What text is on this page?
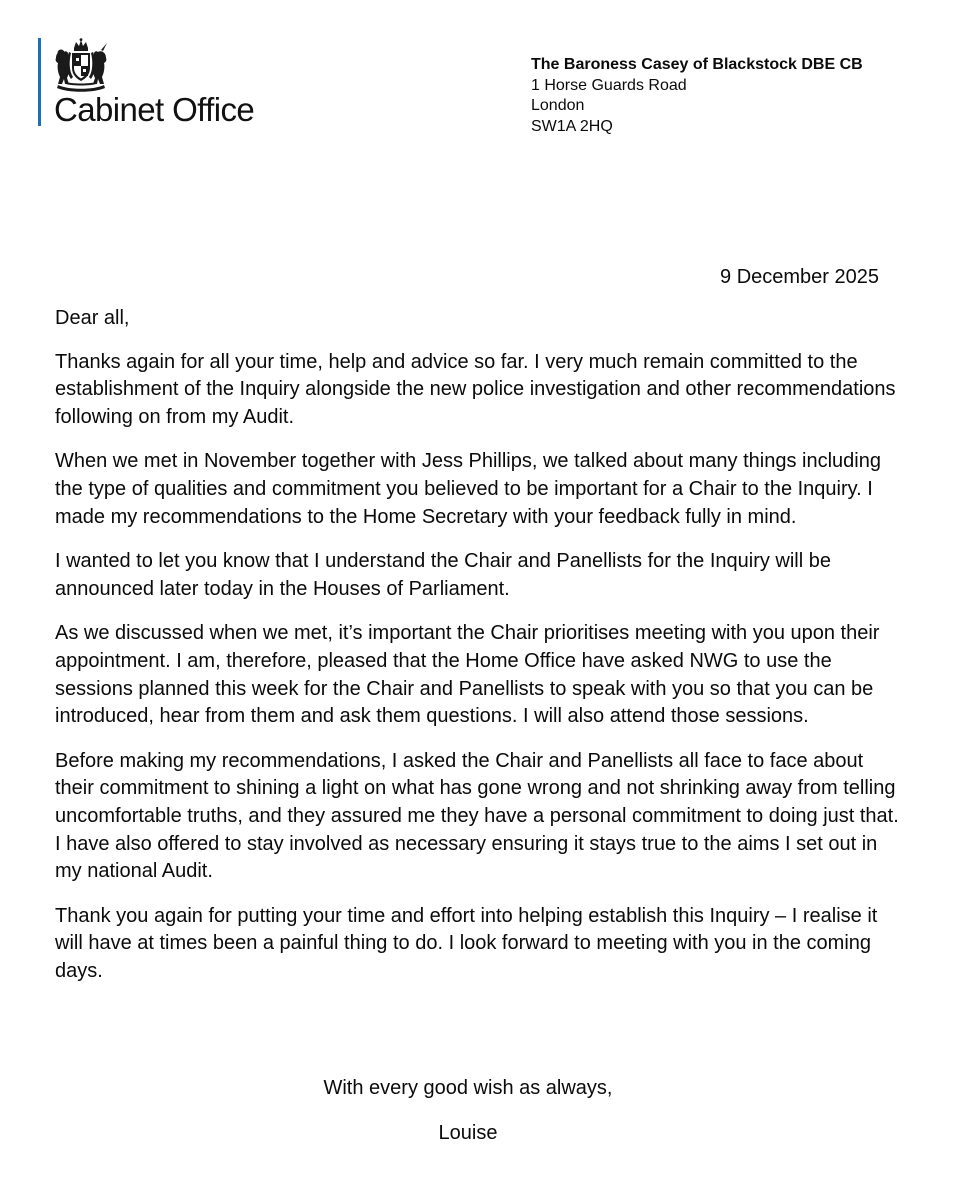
Cabinet Office
The Baroness Casey of Blackstock DBE CB
1 Horse Guards Road
London
SW1A 2HQ
9 December 2025

Dear all,

Thanks again for all your time, help and advice so far. I very much remain committed to the establishment of the Inquiry alongside the new police investigation and other recommendations following on from my Audit.

When we met in November together with Jess Phillips, we talked about many things including the type of qualities and commitment you believed to be important for a Chair to the Inquiry. I made my recommendations to the Home Secretary with your feedback fully in mind.

I wanted to let you know that I understand the Chair and Panellists for the Inquiry will be announced later today in the Houses of Parliament.

As we discussed when we met, it’s important the Chair prioritises meeting with you upon their appointment. I am, therefore, pleased that the Home Office have asked NWG to use the sessions planned this week for the Chair and Panellists to speak with you so that you can be introduced, hear from them and ask them questions. I will also attend those sessions.

Before making my recommendations, I asked the Chair and Panellists all face to face about their commitment to shining a light on what has gone wrong and not shrinking away from telling uncomfortable truths, and they assured me they have a personal commitment to doing just that. I have also offered to stay involved as necessary ensuring it stays true to the aims I set out in my national Audit.

Thank you again for putting your time and effort into helping establish this Inquiry – I realise it will have at times been a painful thing to do. I look forward to meeting with you in the coming days.

With every good wish as always,
Louise
